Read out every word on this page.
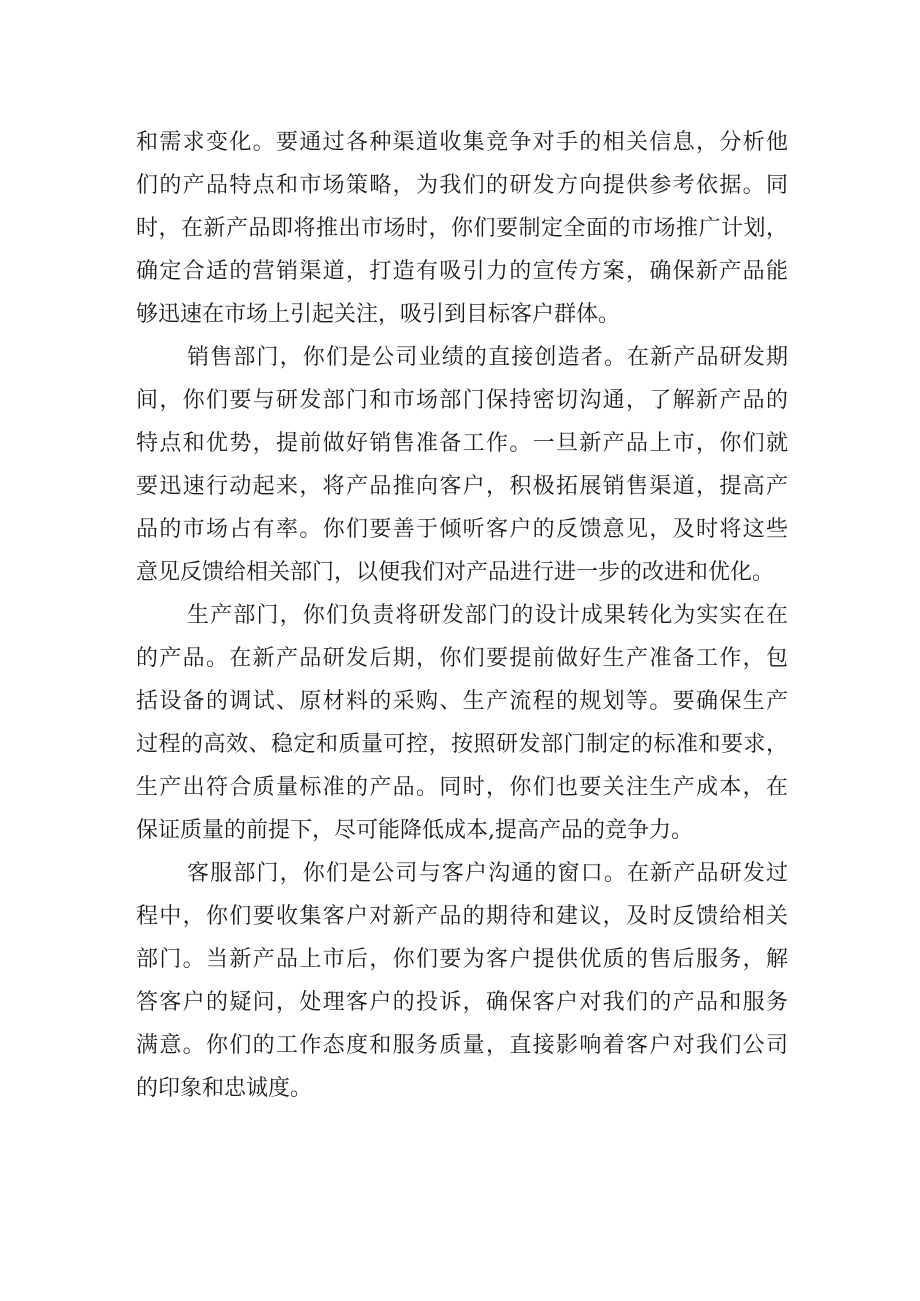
和需求变化。要通过各种渠道收集竞争对手的相关信息，分析他
们的产品特点和市场策略，为我们的研发方向提供参考依据。同
时，在新产品即将推出市场时，你们要制定全面的市场推广计划，
确定合适的营销渠道，打造有吸引力的宣传方案，确保新产品能
够迅速在市场上引起关注，吸引到目标客户群体。
销售部门，你们是公司业绩的直接创造者。在新产品研发期
间，你们要与研发部门和市场部门保持密切沟通，了解新产品的
特点和优势，提前做好销售准备工作。一旦新产品上市，你们就
要迅速行动起来，将产品推向客户，积极拓展销售渠道，提高产
品的市场占有率。你们要善于倾听客户的反馈意见，及时将这些
意见反馈给相关部门，以便我们对产品进行进一步的改进和优化。
生产部门，你们负责将研发部门的设计成果转化为实实在在
的产品。在新产品研发后期，你们要提前做好生产准备工作，包
括设备的调试、原材料的采购、生产流程的规划等。要确保生产
过程的高效、稳定和质量可控，按照研发部门制定的标准和要求，
生产出符合质量标准的产品。同时，你们也要关注生产成本，在
保证质量的前提下，尽可能降低成本,提高产品的竞争力。
客服部门，你们是公司与客户沟通的窗口。在新产品研发过
程中，你们要收集客户对新产品的期待和建议，及时反馈给相关
部门。当新产品上市后，你们要为客户提供优质的售后服务，解
答客户的疑问，处理客户的投诉，确保客户对我们的产品和服务
满意。你们的工作态度和服务质量，直接影响着客户对我们公司
的印象和忠诚度。
